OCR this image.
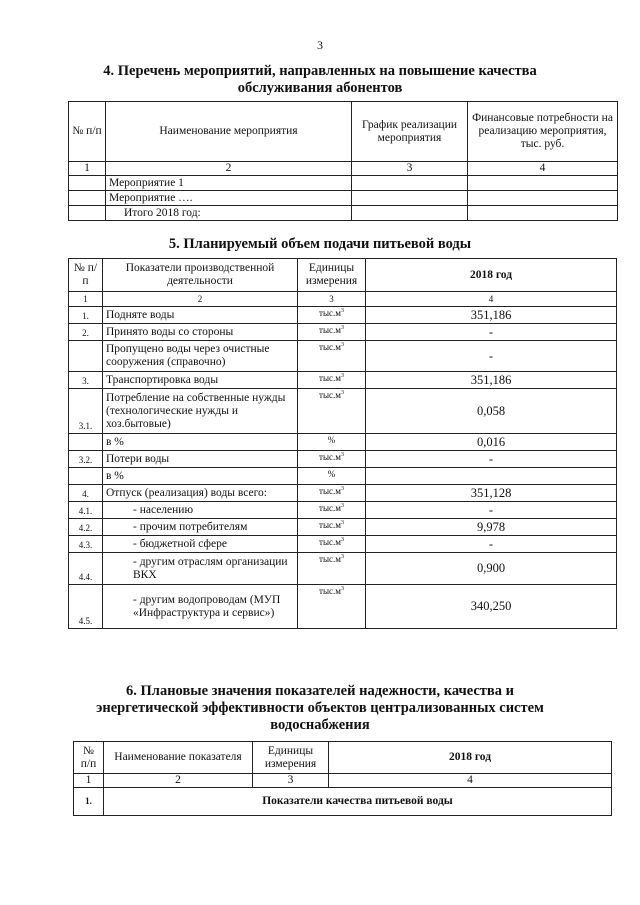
3
4. Перечень мероприятий, направленных на повышение качества
обслуживания абонентов
№ п/п	Наименование мероприятия	График реализации мероприятия	Финансовые потребности на реализацию мероприятия, тыс. руб.
1	2	3	4
	Мероприятие 1		
	Мероприятие ….		
	Итого 2018 год:		
5. Планируемый объем подачи питьевой воды
№ п/п	Показатели производственной деятельности	Единицы измерения	2018 год
1	2	3	4
1.	Подняте воды	$тыс.м^3$	351,186
2.	Принято воды со стороны	$тыс.м^3$	-
	Пропущено воды через очистные сооружения (справочно)	$тыс.м^3$	-
3.	Транспортировка воды	$тыс.м^3$	351,186
3.1.	Потребление на собственные нужды (технологические нужды и хоз.бытовые)	$тыс.м^3$	0,058
	в %	%	0,016
3.2.	Потери воды	$тыс.м^3$	-
	в %	%	
4.	Отпуск (реализация) воды всего:	$тыс.м^3$	351,128
4.1.	- населению	$тыс.м^3$	-
4.2.	- прочим потребителям	$тыс.м^3$	9,978
4.3.	- бюджетной сфере	$тыс.м^3$	-
4.4.	- другим отраслям организации ВКХ	$тыс.м^3$	0,900
4.5.	- другим водопроводам (МУП «Инфраструктура и сервис»)	$тыс.м^3$	340,250
6. Плановые значения показателей надежности, качества и
энергетической эффективности объектов централизованных систем
водоснабжения
№ п/п	Наименование показателя	Единицы измерения	2018 год
1	2	3	4
1.	Показатели качества питьевой воды		
